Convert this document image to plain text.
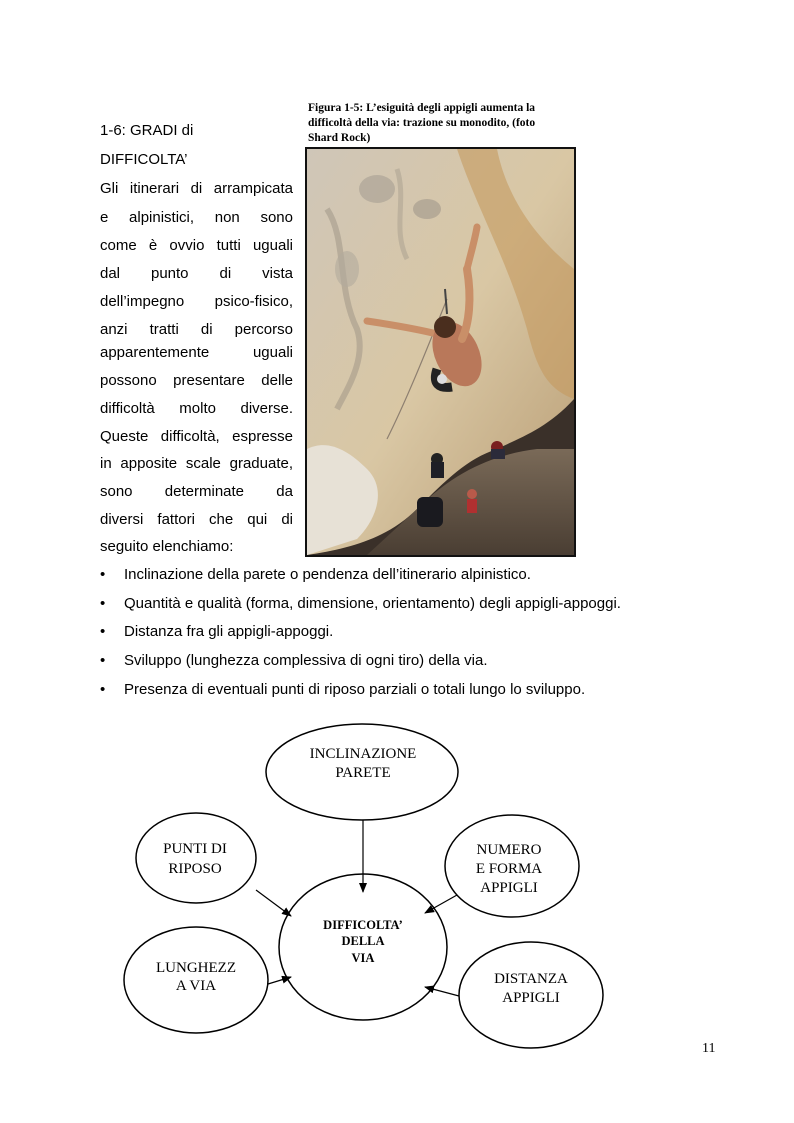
1-6: GRADI di
DIFFICOLTA’
Gli itinerari di arrampicata
e alpinistici, non sono
come è ovvio tutti uguali
dal punto di vista
dell’impegno psico-fisico,
anzi tratti di percorso
apparentemente uguali
possono presentare delle
difficoltà molto diverse.
Queste difficoltà, espresse
in apposite scale graduate,
sono determinate da
diversi fattori che qui di
seguito elenchiamo:
Figura 1-5: L’esiguità degli appigli aumenta la
difficoltà della via: trazione su monodito, (foto
Shard Rock)
•	Inclinazione della parete o pendenza dell’itinerario alpinistico.
•	Quantità e qualità (forma, dimensione, orientamento) degli appigli-appoggi.
•	Distanza fra gli appigli-appoggi.
•	Sviluppo (lunghezza complessiva di ogni tiro) della via.
•	Presenza di eventuali punti di riposo parziali o totali lungo lo sviluppo.
INCLINAZIONE
PARETE
PUNTI DI
RIPOSO
NUMERO
E FORMA
APPIGLI
LUNGHEZZ
A VIA	DISTANZA
APPIGLI
DIFFICOLTA’
DELLA
VIA
11
